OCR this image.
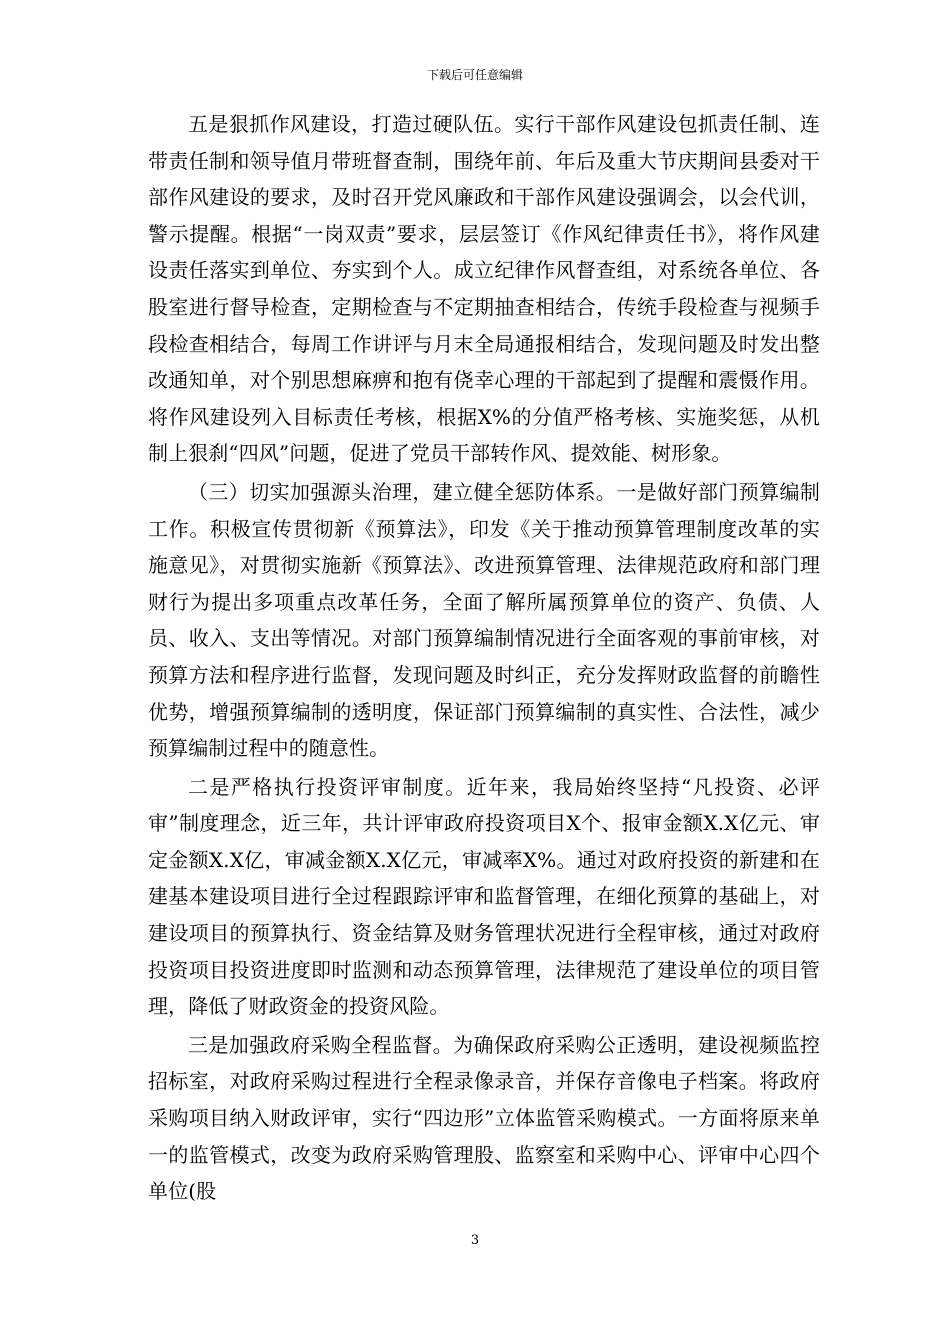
下载后可任意编辑

五是狠抓作风建设，打造过硬队伍。实行干部作风建设包抓责任制、连带责任制和领导值月带班督查制，围绕年前、年后及重大节庆期间县委对干部作风建设的要求，及时召开党风廉政和干部作风建设强调会，以会代训，警示提醒。根据“一岗双责”要求，层层签订《作风纪律责任书》，将作风建设责任落实到单位、夯实到个人。成立纪律作风督查组，对系统各单位、各股室进行督导检查，定期检查与不定期抽查相结合，传统手段检查与视频手段检查相结合，每周工作讲评与月末全局通报相结合，发现问题及时发出整改通知单，对个别思想麻痹和抱有侥幸心理的干部起到了提醒和震慑作用。将作风建设列入目标责任考核，根据X%的分值严格考核、实施奖惩，从机制上狠刹“四风”问题，促进了党员干部转作风、提效能、树形象。

（三）切实加强源头治理，建立健全惩防体系。一是做好部门预算编制工作。积极宣传贯彻新《预算法》，印发《关于推动预算管理制度改革的实施意见》，对贯彻实施新《预算法》、改进预算管理、法律规范政府和部门理财行为提出多项重点改革任务，全面了解所属预算单位的资产、负债、人员、收入、支出等情况。对部门预算编制情况进行全面客观的事前审核，对预算方法和程序进行监督，发现问题及时纠正，充分发挥财政监督的前瞻性优势，增强预算编制的透明度，保证部门预算编制的真实性、合法性，减少预算编制过程中的随意性。

二是严格执行投资评审制度。近年来，我局始终坚持“凡投资、必评审”制度理念，近三年，共计评审政府投资项目X个、报审金额X.X亿元、审定金额X.X亿，审减金额X.X亿元，审减率X%。通过对政府投资的新建和在建基本建设项目进行全过程跟踪评审和监督管理，在细化预算的基础上，对建设项目的预算执行、资金结算及财务管理状况进行全程审核，通过对政府投资项目投资进度即时监测和动态预算管理，法律规范了建设单位的项目管理，降低了财政资金的投资风险。

三是加强政府采购全程监督。为确保政府采购公正透明，建设视频监控招标室，对政府采购过程进行全程录像录音，并保存音像电子档案。将政府采购项目纳入财政评审，实行“四边形”立体监管采购模式。一方面将原来单一的监管模式，改变为政府采购管理股、监察室和采购中心、评审中心四个单位(股

3
